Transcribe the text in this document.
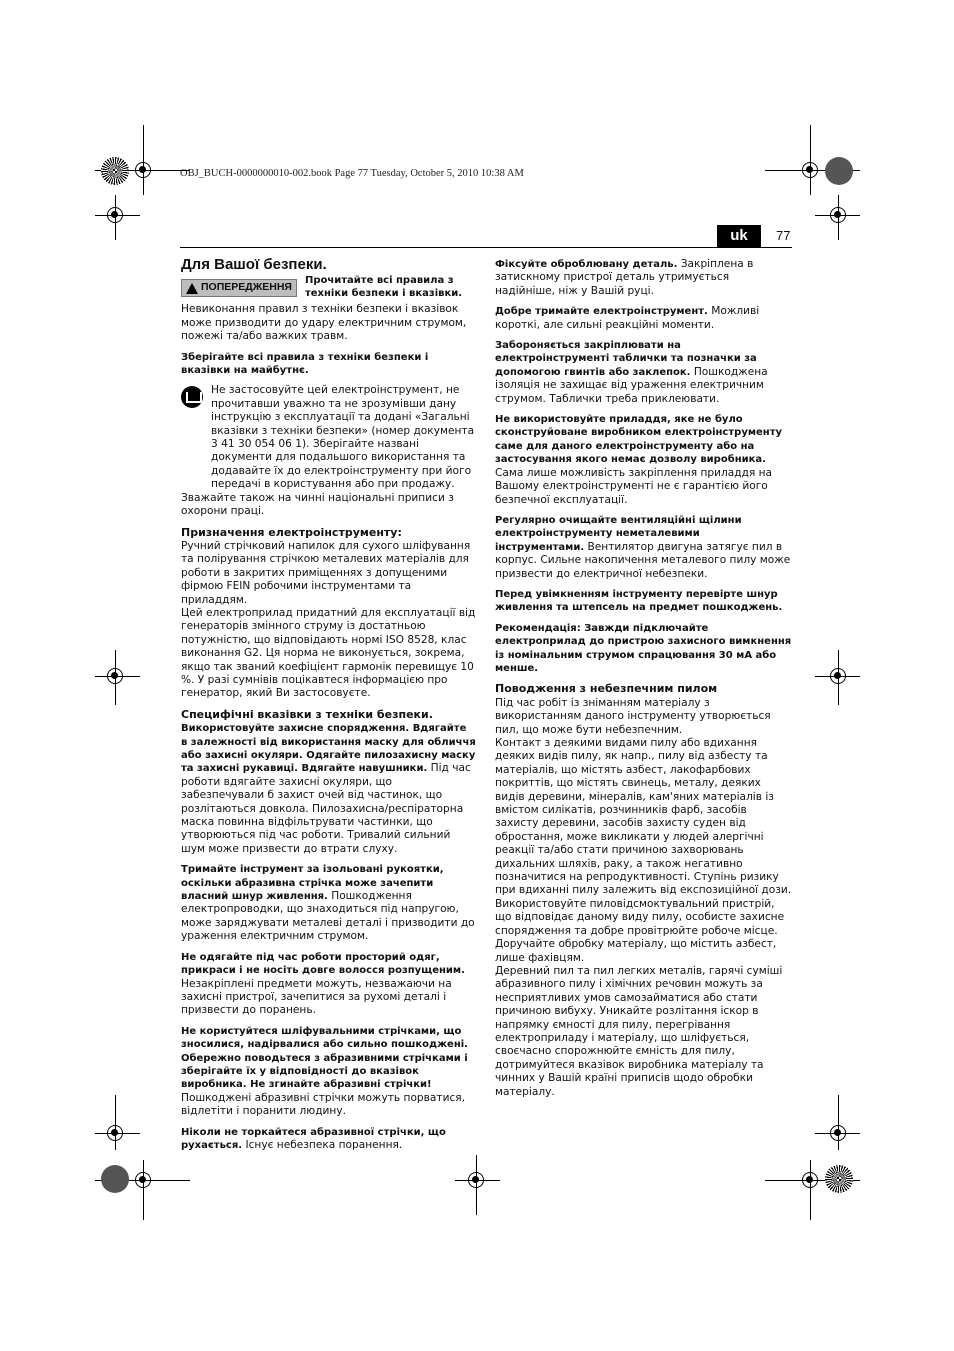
OBJ_BUCH-0000000010-002.book Page 77 Tuesday, October 5, 2010 10:38 AM
uk	77

Для Вашої безпеки.

ПОПЕРЕДЖЕННЯ
Прочитайте всі правила з техніки безпеки і вказівки.

Невиконання правил з техніки безпеки і вказівок може призводити до удару електричним струмом, пожежі та/або важких травм.

Зберігайте всі правила з техніки безпеки і вказівки на майбутнє.

Не застосовуйте цей електроінструмент, не прочитавши уважно та не зрозумівши дану інструкцію з експлуатації та додані «Загальні вказівки з техніки безпеки» (номер документа 3 41 30 054 06 1). Зберігайте названі документи для подальшого використання та додавайте їх до електроінструменту при його передачі в користування або при продажу.

Зважайте також на чинні національні приписи з охорони праці.

Призначення електроінструменту:

Ручний стрічковий напилок для сухого шліфування та полірування стрічкою металевих матеріалів для роботи в закритих приміщеннях з допущеними фірмою FEIN робочими інструментами та приладдям.

Цей електроприлад придатний для експлуатації від генераторів змінного струму із достатньою потужністю, що відповідають нормі ISO 8528, клас виконання G2. Ця норма не виконується, зокрема, якщо так званий коефіцієнт гармонік перевищує 10 %. У разі сумнівів поцікавтеся інформацією про генератор, який Ви застосовуєте.

Специфічні вказівки з техніки безпеки.

Використовуйте захисне спорядження. Вдягайте в залежності від використання маску для обличчя або захисні окуляри. Одягайте пилозахисну маску та захисні рукавиці. Вдягайте навушники. Під час роботи вдягайте захисні окуляри, що забезпечували б захист очей від частинок, що розлітаються довкола. Пилозахисна/респіраторна маска повинна відфільтрувати частинки, що утворюються під час роботи. Тривалий сильний шум може призвести до втрати слуху.

Тримайте інструмент за ізольовані рукоятки, оскільки абразивна стрічка може зачепити власний шнур живлення. Пошкодження електропроводки, що знаходиться під напругою, може заряджувати металеві деталі і призводити до ураження електричним струмом.

Не одягайте під час роботи просторий одяг, прикраси і не носіть довге волосся розпущеним. Незакріплені предмети можуть, незважаючи на захисні пристрої, зачепитися за рухомі деталі і призвести до поранень.

Не користуйтеся шліфувальними стрічками, що зносилися, надірвалися або сильно пошкоджені. Обережно поводьтеся з абразивними стрічками і зберігайте їх у відповідності до вказівок виробника. Не згинайте абразивні стрічки! Пошкоджені абразивні стрічки можуть порватися, відлетіти і поранити людину.

Ніколи не торкайтеся абразивної стрічки, що рухається. Існує небезпека поранення.

Фіксуйте оброблювану деталь. Закріплена в затискному пристрої деталь утримується надійніше, ніж у Вашій руці.

Добре тримайте електроінструмент. Можливі короткі, але сильні реакційні моменти.

Забороняється закріплювати на електроінструменті таблички та позначки за допомогою гвинтів або заклепок. Пошкоджена ізоляція не захищає від ураження електричним струмом. Таблички треба приклеювати.

Не використовуйте приладдя, яке не було сконструйоване виробником електроінструменту саме для даного електроінструменту або на застосування якого немає дозволу виробника. Сама лише можливість закріплення приладдя на Вашому електроінструменті не є гарантією його безпечної експлуатації.

Регулярно очищайте вентиляційні щілини електроінструменту неметалевими інструментами. Вентилятор двигуна затягує пил в корпус. Сильне накопичення металевого пилу може призвести до електричної небезпеки.

Перед увімкненням інструменту перевірте шнур живлення та штепсель на предмет пошкоджень.

Рекомендація: Завжди підключайте електроприлад до пристрою захисного вимкнення із номінальним струмом спрацювання 30 мА або менше.

Поводження з небезпечним пилом

Під час робіт із зніманням матеріалу з використанням даного інструменту утворюється пил, що може бути небезпечним.

Контакт з деякими видами пилу або вдихання деяких видів пилу, як напр., пилу від азбесту та матеріалів, що містять азбест, лакофарбових покриттів, що містять свинець, металу, деяких видів деревини, мінералів, кам'яних матеріалів із вмістом силікатів, розчинників фарб, засобів захисту деревини, засобів захисту суден від обростання, може викликати у людей алергічні реакції та/або стати причиною захворювань дихальних шляхів, раку, а також негативно позначитися на репродуктивності. Ступінь ризику при вдиханні пилу залежить від експозиційної дози. Використовуйте пиловідсмоктувальний пристрій, що відповідає даному виду пилу, особисте захисне спорядження та добре провітрюйте робоче місце. Доручайте обробку матеріалу, що містить азбест, лише фахівцям.

Деревний пил та пил легких металів, гарячі суміші абразивного пилу і хімічних речовин можуть за несприятливих умов самозайматися або стати причиною вибуху. Уникайте розлітання іскор в напрямку ємності для пилу, перегрівання електроприладу і матеріалу, що шліфується, своєчасно спорожнюйте ємність для пилу, дотримуйтеся вказівок виробника матеріалу та чинних у Вашій країні приписів щодо обробки матеріалу.
